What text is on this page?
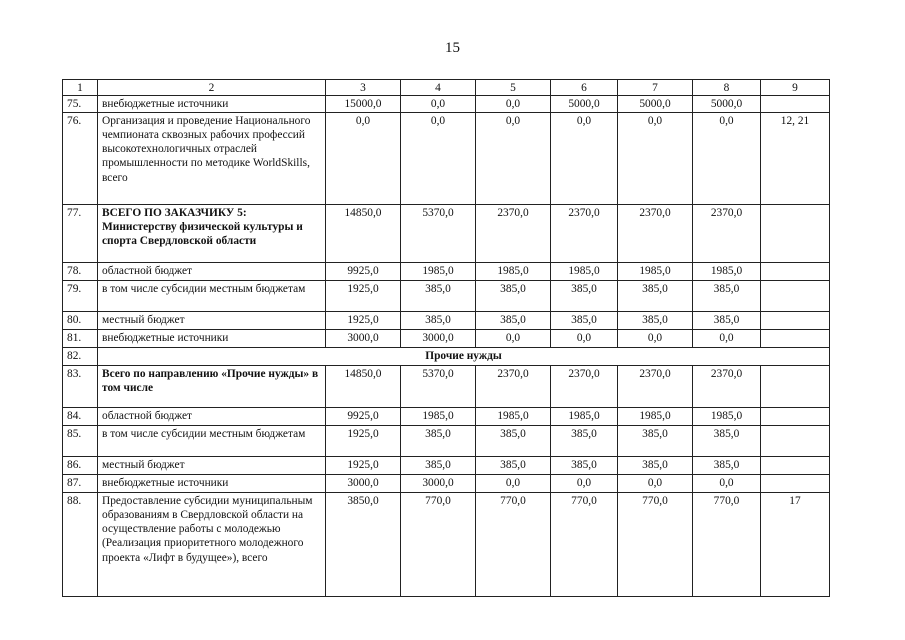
15
1	2	3	4	5	6	7	8	9
75.	внебюджетные источники	15000,0	0,0	0,0	5000,0	5000,0	5000,0	
76.	Организация и проведение Национального чемпионата сквозных рабочих профессий высокотехнологичных отраслей промышленности по методике WorldSkills, всего	0,0	0,0	0,0	0,0	0,0	0,0	12, 21
77.	ВСЕГО ПО ЗАКАЗЧИКУ 5: Министерству физической культуры и спорта Свердловской области	14850,0	5370,0	2370,0	2370,0	2370,0	2370,0	
78.	областной бюджет	9925,0	1985,0	1985,0	1985,0	1985,0	1985,0	
79.	в том числе субсидии местным бюджетам	1925,0	385,0	385,0	385,0	385,0	385,0	
80.	местный бюджет	1925,0	385,0	385,0	385,0	385,0	385,0	
81.	внебюджетные источники	3000,0	3000,0	0,0	0,0	0,0	0,0	
82.	Прочие нужды							
83.	Всего по направлению «Прочие нужды» в том числе	14850,0	5370,0	2370,0	2370,0	2370,0	2370,0	
84.	областной бюджет	9925,0	1985,0	1985,0	1985,0	1985,0	1985,0	
85.	в том числе субсидии местным бюджетам	1925,0	385,0	385,0	385,0	385,0	385,0	
86.	местный бюджет	1925,0	385,0	385,0	385,0	385,0	385,0	
87.	внебюджетные источники	3000,0	3000,0	0,0	0,0	0,0	0,0	
88.	Предоставление субсидии муниципальным образованиям в Свердловской области на осуществление работы с молодежью (Реализация приоритетного молодежного проекта «Лифт в будущее»), всего	3850,0	770,0	770,0	770,0	770,0	770,0	17
